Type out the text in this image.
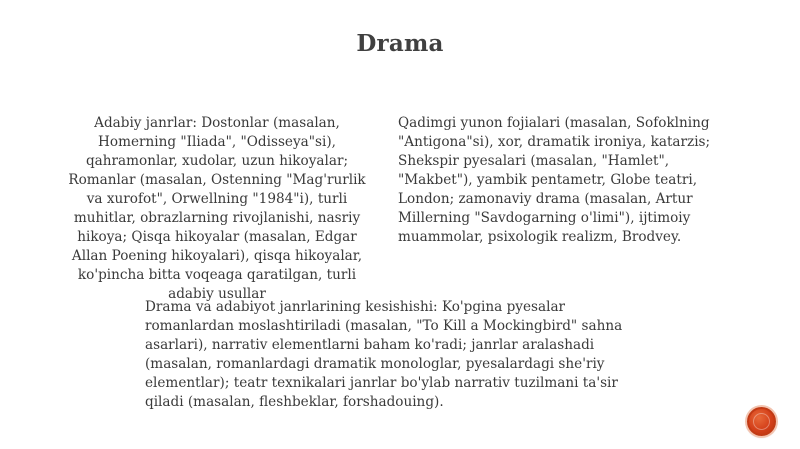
Drama
Adabiy janrlar: Dostonlar (masalan, Homerning "Iliada", "Odisseya"si), qahramonlar, xudolar, uzun hikoyalar; Romanlar (masalan, Ostenning "Mag'rurlik va xurofot", Orwellning "1984"i), turli muhitlar, obrazlarning rivojlanishi, nasriy hikoya; Qisqa hikoyalar (masalan, Edgar Allan Poening hikoyalari), qisqa hikoyalar, ko'pincha bitta voqeaga qaratilgan, turli adabiy usullar
Qadimgi yunon fojialari (masalan, Sofoklning "Antigona"si), xor, dramatik ironiya, katarzis; Shekspir pyesalari (masalan, "Hamlet", "Makbet"), yambik pentametr, Globe teatri, London; zamonaviy drama (masalan, Artur Millerning "Savdogarning o'limi"), ijtimoiy muammolar, psixologik realizm, Brodvey.
Drama va adabiyot janrlarining kesishishi: Ko'pgina pyesalar romanlardan moslashtiriladi (masalan, "To Kill a Mockingbird" sahna asarlari), narrativ elementlarni baham ko'radi; janrlar aralashadi (masalan, romanlardagi dramatik monologlar, pyesalardagi she'riy elementlar); teatr texnikalari janrlar bo'ylab narrativ tuzilmani ta'sir qiladi (masalan, fleshbeklar, forshadouing).
